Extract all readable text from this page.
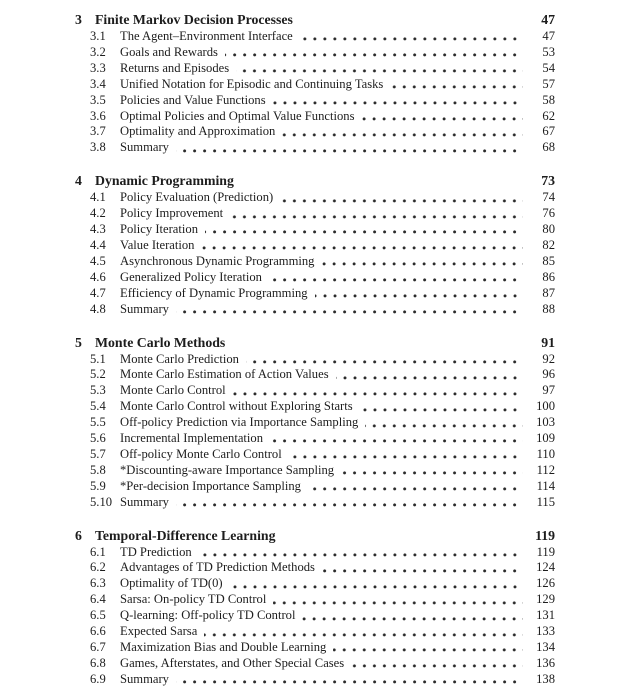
3 Finite Markov Decision Processes	47
3.1	The Agent–Environment Interface	47
3.2	Goals and Rewards	53
3.3	Returns and Episodes	54
3.4	Unified Notation for Episodic and Continuing Tasks	57
3.5	Policies and Value Functions	58
3.6	Optimal Policies and Optimal Value Functions	62
3.7	Optimality and Approximation	67
3.8	Summary	68
4 Dynamic Programming	73
4.1	Policy Evaluation (Prediction)	74
4.2	Policy Improvement	76
4.3	Policy Iteration	80
4.4	Value Iteration	82
4.5	Asynchronous Dynamic Programming	85
4.6	Generalized Policy Iteration	86
4.7	Efficiency of Dynamic Programming	87
4.8	Summary	88
5 Monte Carlo Methods	91
5.1	Monte Carlo Prediction	92
5.2	Monte Carlo Estimation of Action Values	96
5.3	Monte Carlo Control	97
5.4	Monte Carlo Control without Exploring Starts	100
5.5	Off-policy Prediction via Importance Sampling	103
5.6	Incremental Implementation	109
5.7	Off-policy Monte Carlo Control	110
5.8	*Discounting-aware Importance Sampling	112
5.9	*Per-decision Importance Sampling	114
5.10 Summary	115
6 Temporal-Difference Learning	119
6.1	TD Prediction	119
6.2	Advantages of TD Prediction Methods	124
6.3	Optimality of TD(0)	126
6.4	Sarsa: On-policy TD Control	129
6.5	Q-learning: Off-policy TD Control	131
6.6	Expected Sarsa	133
6.7	Maximization Bias and Double Learning	134
6.8	Games, Afterstates, and Other Special Cases	136
6.9	Summary	138
